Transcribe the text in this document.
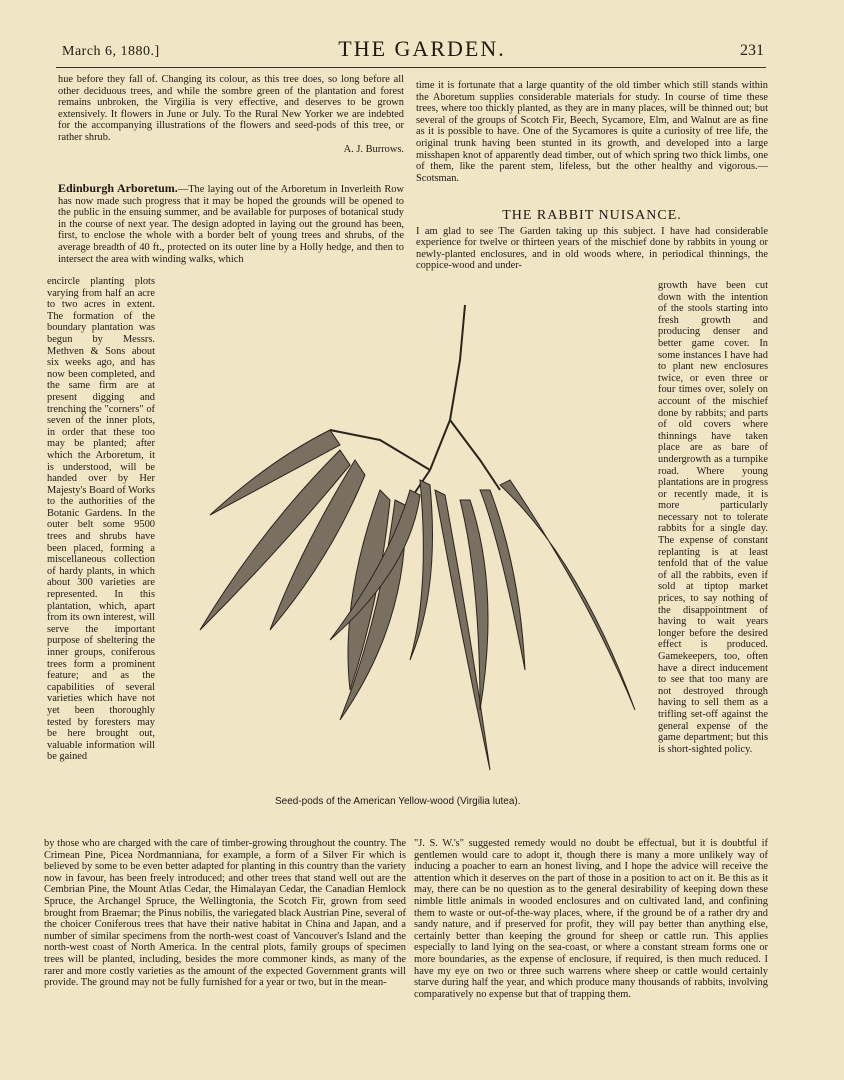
March 6, 1880.]	THE GARDEN.	231

hue before they fall of. Changing its colour, as this tree does, so long before all other deciduous trees, and while the sombre green of the plantation and forest remains unbroken, the Virgilia is very effective, and deserves to be grown extensively. It flowers in June or July. To the Rural New Yorker we are indebted for the accompanying illustrations of the flowers and seed-pods of this tree, or rather shrub.

A. J. Burrows.

Edinburgh Arboretum.—The laying out of the Arboretum in Inverleith Row has now made such progress that it may be hoped the grounds will be opened to the public in the ensuing summer, and be available for purposes of botanical study in the course of next year. The design adopted in laying out the ground has been, first, to enclose the whole with a border belt of young trees and shrubs, of the average breadth of 40 ft., protected on its outer line by a Holly hedge, and then to intersect the area with winding walks, which

encircle planting plots varying from half an acre to two acres in extent. The formation of the boundary plantation was begun by Messrs. Methven & Sons about six weeks ago, and has now been completed, and the same firm are at present digging and trenching the "corners" of seven of the inner plots, in order that these too may be planted; after which the Arboretum, it is understood, will be handed over by Her Majesty's Board of Works to the authorities of the Botanic Gardens. In the outer belt some 9500 trees and shrubs have been placed, forming a miscellaneous collection of hardy plants, in which about 300 varieties are represented. In this plantation, which, apart from its own interest, will serve the important purpose of sheltering the inner groups, coniferous trees form a prominent feature; and as the capabilities of several varieties which have not yet been thoroughly tested by foresters may be here brought out, valuable information will be gained

time it is fortunate that a large quantity of the old timber which still stands within the Aboretum supplies considerable materials for study. In course of time these trees, where too thickly planted, as they are in many places, will be thinned out; but several of the groups of Scotch Fir, Beech, Sycamore, Elm, and Walnut are as fine as it is possible to have. One of the Sycamores is quite a curiosity of tree life, the original trunk having been stunted in its growth, and developed into a large misshapen knot of apparently dead timber, out of which spring two thick limbs, one of them, like the parent stem, lifeless, but the other healthy and vigorous.—Scotsman.

THE RABBIT NUISANCE.

I am glad to see The Garden taking up this subject. I have had considerable experience for twelve or thirteen years of the mischief done by rabbits in young or newly-planted enclosures, and in old woods where, in periodical thinnings, the coppice-wood and under-

growth have been cut down with the intention of the stools starting into fresh growth and producing denser and better game cover. In some instances I have had to plant new enclosures twice, or even three or four times over, solely on account of the mischief done by rabbits; and parts of old covers where thinnings have taken place are as bare of undergrowth as a turnpike road. Where young plantations are in progress or recently made, it is more particularly necessary not to tolerate rabbits for a single day. The expense of constant replanting is at least tenfold that of the value of all the rabbits, even if sold at tiptop market prices, to say nothing of the disappointment of having to wait years longer before the desired effect is produced. Gamekeepers, too, often have a direct inducement to see that too many are not destroyed through having to sell them as a trifling set-off against the general expense of the game department; but this is short-sighted policy.
Seed-pods of the American Yellow-wood (Virgilia lutea).
by those who are charged with the care of timber-growing throughout the country. The Crimean Pine, Picea Nordmanniana, for example, a form of a Silver Fir which is believed by some to be even better adapted for planting in this country than the variety now in favour, has been freely introduced; and other trees that stand well out are the Cembrian Pine, the Mount Atlas Cedar, the Himalayan Cedar, the Canadian Hemlock Spruce, the Archangel Spruce, the Wellingtonia, the Scotch Fir, grown from seed brought from Braemar; the Pinus nobilis, the variegated black Austrian Pine, several of the choicer Coniferous trees that have their native habitat in China and Japan, and a number of similar specimens from the north-west coast of Vancouver's Island and the north-west coast of North America. In the central plots, family groups of specimen trees will be planted, including, besides the more commoner kinds, as many of the rarer and more costly varieties as the amount of the expected Government grants will provide. The ground may not be fully furnished for a year or two, but in the mean-
"J. S. W.'s" suggested remedy would no doubt be effectual, but it is doubtful if gentlemen would care to adopt it, though there is many a more unlikely way of inducing a poacher to earn an honest living, and I hope the advice will receive the attention which it deserves on the part of those in a position to act on it. Be this as it may, there can be no question as to the general desirability of keeping down these nimble little animals in wooded enclosures and on cultivated land, and confining them to waste or out-of-the-way places, where, if the ground be of a rather dry and sandy nature, and if preserved for profit, they will pay better than anything else, certainly better than keeping the ground for sheep or cattle run. This applies especially to land lying on the sea-coast, or where a constant stream forms one or more boundaries, as the expense of enclosure, if required, is then much reduced. I have my eye on two or three such warrens where sheep or cattle would certainly starve during half the year, and which produce many thousands of rabbits, involving comparatively no expense but that of trapping them.
